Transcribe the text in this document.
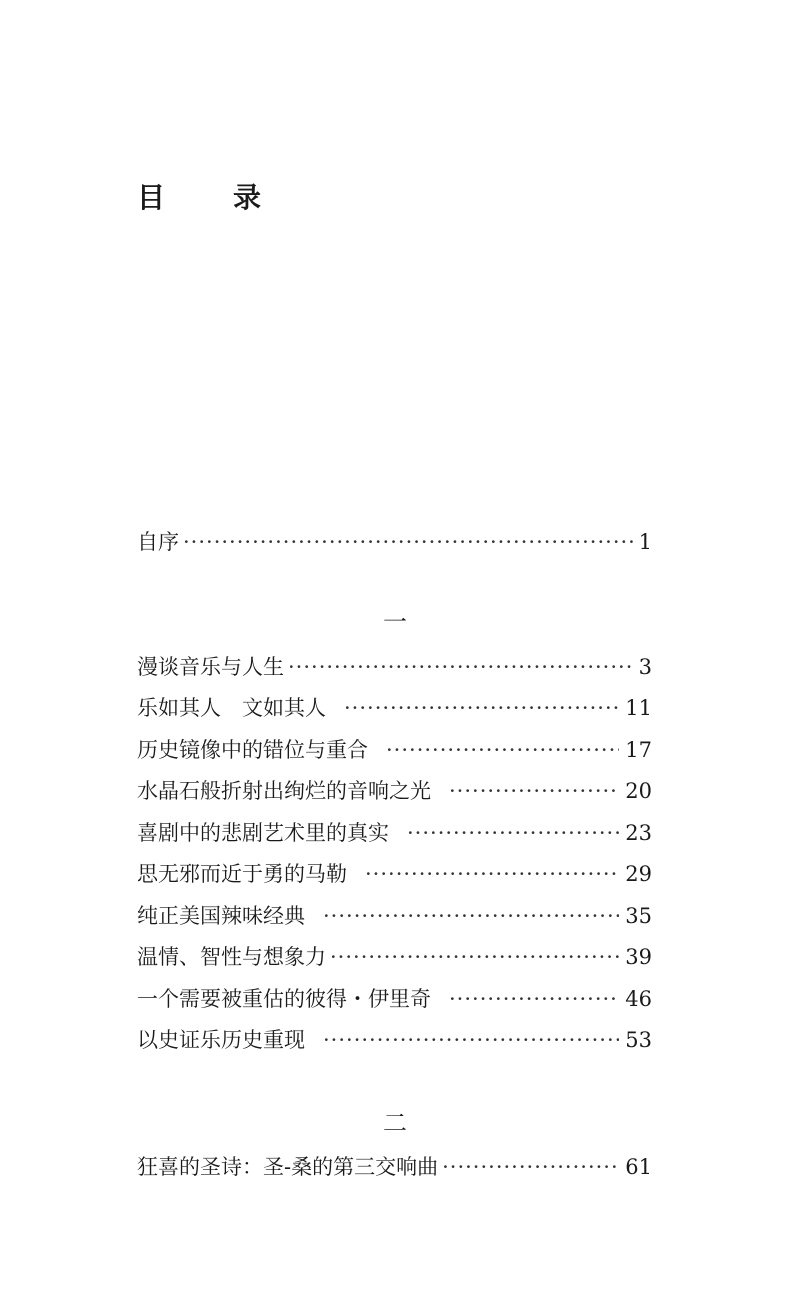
目　录
自序 ·····	1
一
漫谈音乐与人生 ·····	3
乐如其人　文如其人 ·····	11
历史镜像中的错位与重合 ·····	17
水晶石般折射出绚烂的音响之光 ·····	20
喜剧中的悲剧艺术里的真实 ·····	23
思无邪而近于勇的马勒 ·····	29
纯正美国辣味经典 ·····	35
温情、智性与想象力 ·····	39
一个需要被重估的彼得・伊里奇 ·····	46
以史证乐历史重现 ·····	53
二
狂喜的圣诗：圣-桑的第三交响曲 ·····	61
